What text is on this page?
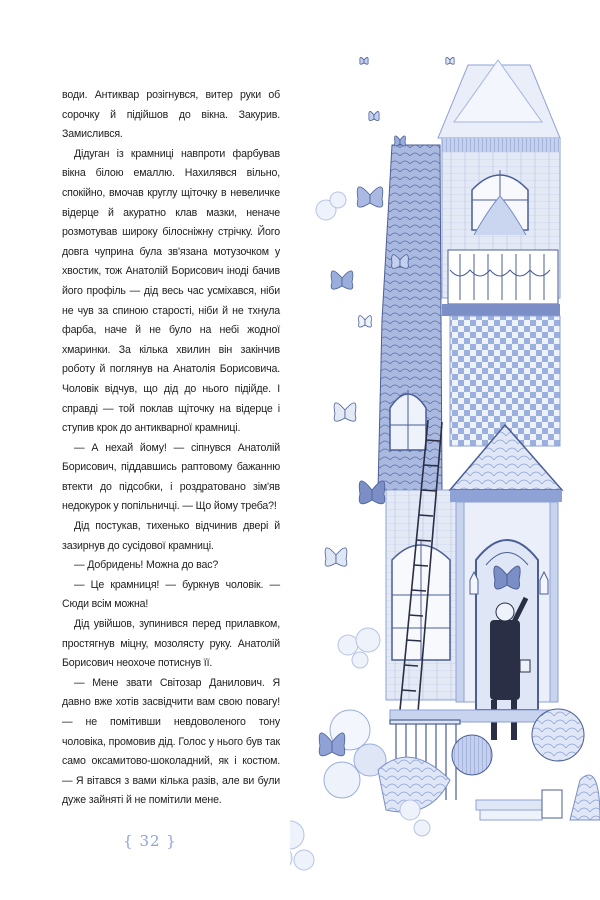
води. Антиквар розігнувся, витер руки об сорочку й підійшов до вікна. Закурив. Замислився.

Дідуган із крамниці навпроти фарбував вікна білою емаллю. Нахилявся вільно, спокійно, вмочав круглу щіточку в невеличке відерце й акуратно клав мазки, неначе розмотував широку білосніжну стрічку. Його довга чуприна була зв'язана мотузочком у хвостик, тож Анатолій Борисович іноді бачив його профіль — дід весь час усміхався, ніби не чув за спиною старості, ніби й не тхнула фарба, наче й не було на небі жодної хмаринки. За кілька хвилин він закінчив роботу й поглянув на Анатолія Борисовича. Чоловік відчув, що дід до нього підійде. І справді — той поклав щіточку на відерце і ступив крок до антикварної крамниці.

— А нехай йому! — сіпнувся Анатолій Борисович, піддавшись раптовому бажанню втекти до підсобки, і роздратовано зім'яв недокурок у попільничці. — Що йому треба?!

Дід постукав, тихенько відчинив двері й зазирнув до сусідової крамниці.

— Добридень! Можна до вас?

— Це крамниця! — буркнув чоловік. — Сюди всім можна!

Дід увійшов, зупинився перед прилавком, простягнув міцну, мозолясту руку. Анатолій Борисович неохоче потиснув її.

— Мене звати Світозар Данилович. Я давно вже хотів засвідчити вам свою повагу! — не помітивши невдоволеного тону чоловіка, промовив дід. Голос у нього був так само оксамитово-шоколадний, як і костюм. — Я вітався з вами кілька разів, але ви були дуже зайняті й не помітили мене.

{ 32 }
